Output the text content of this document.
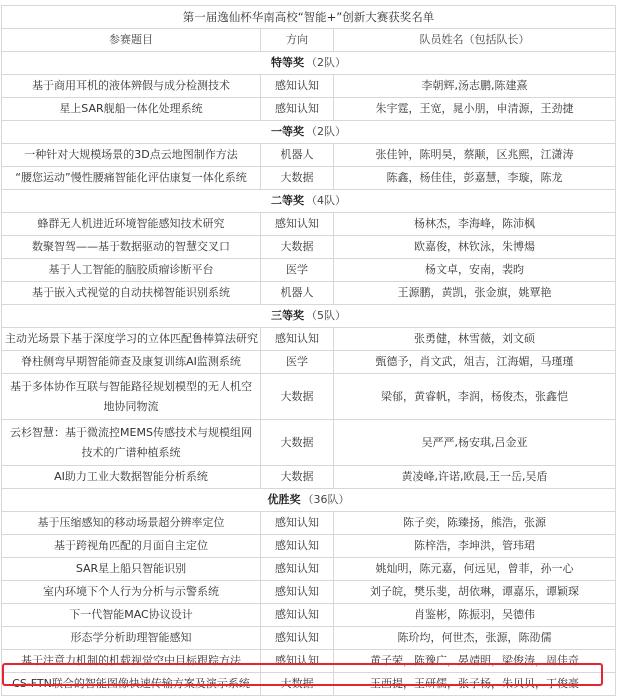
第一届逸仙杯华南高校“智能+”创新大赛获奖名单		
参赛题目	方向	队员姓名（包括队长）
特等奖 （2队）		
基于商用耳机的液体辨假与成分检测技术	感知认知	李朝辉,汤志鹏,陈建熹
星上SAR舰船一体化处理系统	感知认知	朱宇霆，王宽，晁小朋，申清源，王劲捷
一等奖 （2队）		
一种针对大规模场景的3D点云地图制作方法	机器人	张佳钟，陈明昊，蔡颙，区兆熙，江潇涛
“腰您运动”慢性腰痛智能化评估康复一体化系统	大数据	陈鑫，杨佳佳，彭嘉慧，李璇，陈龙
二等奖 （4队）		
蜂群无人机进近环境智能感知技术研究	感知认知	杨林杰，李海峰，陈沛枫
数聚智驾——基于数据驱动的智慧交叉口	大数据	欧嘉俊，林钦泳，朱博煬
基于人工智能的脑胶质瘤诊断平台	医学	杨文卓，安南，裴昀
基于嵌入式视觉的自动扶梯智能识别系统	机器人	王源鹏，黄凯，张金旗，姚覃艳
三等奖 （5队）		
主动光场景下基于深度学习的立体匹配鲁棒算法研究	感知认知	张勇健，林雪薇，刘文硕
脊柱侧弯早期智能筛查及康复训练AI监测系统	医学	甄德予，肖文武，俎吉，江海媚，马瑾瑾
基于多体协作互联与智能路径规划模型的无人机空地协同物流	大数据	梁郁，黄睿帆，李润，杨俊杰，张鑫恺
云杉智慧：基于微流控MEMS传感技术与规模组网技术的广谱种植系统	大数据	吴严严,杨安琪,吕金亚
AI助力工业大数据智能分析系统	大数据	黄凌峰,许诺,欧晨,王一岳,吴盾
优胜奖 （36队）		
基于压缩感知的移动场景超分辨率定位	感知认知	陈子奕，陈臻扬，熊浩，张源
基于跨视角匹配的月面自主定位	感知认知	陈梓浩，李坤洪，管玮珺
SAR星上船只智能识别	感知认知	姚灿明，陈元嘉，何远见，曾菲，孙一心
室内环境下个人行为分析与示警系统	感知认知	刘子皖，樊乐斐，胡依琳，谭嘉乐，谭颖琛
下一代智能MAC协议设计	感知认知	肖鉴彬，陈振羽，吴德伟
形态学分析助理智能感知	感知认知	陈玠均，何世杰，张源，陈劭儒
基于注意力机制的机载视觉空中目标跟踪方法	感知认知	黄子荣，陈豫广，晏靖明，梁俊涛，周佳奇
CS-FTN联合的智能图像快速传输方案及演示系统	大数据	王西提，王研儒，张子杨，朱贝贝，丁俊豪
